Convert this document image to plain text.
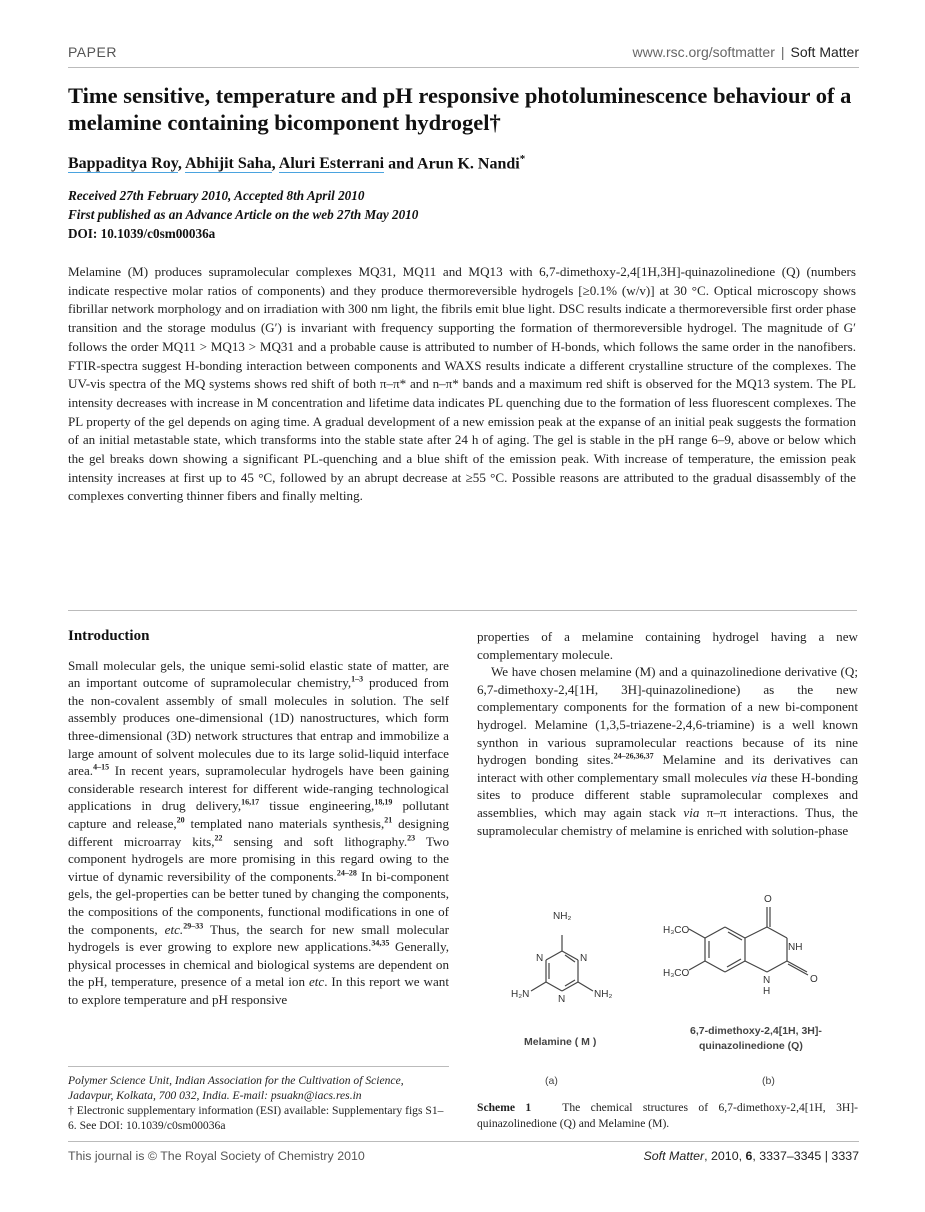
PAPER	www.rsc.org/softmatter | Soft Matter
Time sensitive, temperature and pH responsive photoluminescence behaviour of a melamine containing bicomponent hydrogel†
Bappaditya Roy, Abhijit Saha, Aluri Esterrani and Arun K. Nandi*
Received 27th February 2010, Accepted 8th April 2010
First published as an Advance Article on the web 27th May 2010
DOI: 10.1039/c0sm00036a
Melamine (M) produces supramolecular complexes MQ31, MQ11 and MQ13 with 6,7-dimethoxy-2,4[1H,3H]-quinazolinedione (Q) (numbers indicate respective molar ratios of components) and they produce thermoreversible hydrogels [≥0.1% (w/v)] at 30 °C. Optical microscopy shows fibrillar network morphology and on irradiation with 300 nm light, the fibrils emit blue light. DSC results indicate a thermoreversible first order phase transition and the storage modulus (G′) is invariant with frequency supporting the formation of thermoreversible hydrogel. The magnitude of G′ follows the order MQ11 > MQ13 > MQ31 and a probable cause is attributed to number of H-bonds, which follows the same order in the nanofibers. FTIR-spectra suggest H-bonding interaction between components and WAXS results indicate a different crystalline structure of the complexes. The UV-vis spectra of the MQ systems shows red shift of both π–π* and n–π* bands and a maximum red shift is observed for the MQ13 system. The PL intensity decreases with increase in M concentration and lifetime data indicates PL quenching due to the formation of less fluorescent complexes. The PL property of the gel depends on aging time. A gradual development of a new emission peak at the expanse of an initial peak suggests the formation of an initial metastable state, which transforms into the stable state after 24 h of aging. The gel is stable in the pH range 6–9, above or below which the gel breaks down showing a significant PL-quenching and a blue shift of the emission peak. With increase of temperature, the emission peak intensity increases at first up to 45 °C, followed by an abrupt decrease at ≥55 °C. Possible reasons are attributed to the gradual disassembly of the complexes converting thinner fibers and finally melting.
Introduction

Small molecular gels, the unique semi-solid elastic state of matter, are an important outcome of supramolecular chemistry,$^{1-3}$ produced from the non-covalent assembly of small molecules in solution. The self assembly produces one-dimensional (1D) nanostructures, which form three-dimensional (3D) network structures that entrap and immobilize a large amount of solvent molecules due to its large solid-liquid interface area.$^{4-15}$ In recent years, supramolecular hydrogels have been gaining considerable research interest for different wide-ranging technological applications in drug delivery,$^{16,17}$ tissue engineering,$^{18,19}$ pollutant capture and release,$^{20}$ templated nano materials synthesis,$^{21}$ designing different microarray kits,$^{22}$ sensing and soft lithography.$^{23}$ Two component hydrogels are more promising in this regard owing to the virtue of dynamic reversibility of the components.$^{24-28}$ In bi-component gels, the gel-properties can be better tuned by changing the components, the compositions of the components, functional modifications in one of the components, etc.$^{29-33}$ Thus, the search for new small molecular hydrogels is ever growing to explore new applications.$^{34,35}$ Generally, physical processes in chemical and biological systems are dependent on the pH, temperature, presence of a metal ion etc. In this report we want to explore temperature and pH responsive

properties of a melamine containing hydrogel having a new complementary molecule.

We have chosen melamine (M) and a quinazolinedione derivative (Q; 6,7-dimethoxy-2,4[1H, 3H]-quinazolinedione) as the new complementary components for the formation of a new bi-component hydrogel. Melamine (1,3,5-triazene-2,4,6-triamine) is a well known synthon in various supramolecular reactions because of its nine hydrogen bonding sites.$^{24-26,36,37}$ Melamine and its derivatives can interact with other complementary small molecules via these H-bonding sites to produce different stable supramolecular complexes and assemblies, which may again stack via π–π interactions. Thus, the supramolecular chemistry of melamine is enriched with solution-phase

NH₂
N
N
N	NH₂
H₂N
Melamine ( M )
(a)
O
NH
N
H
O
H₃CO
H₃CO
6,7-dimethoxy-2,4[1H, 3H]-
quinazolinedione (Q)
(b)
Scheme 1	The chemical structures of 6,7-dimethoxy-2,4[1H, 3H]-quinazolinedione (Q) and Melamine (M).
Polymer Science Unit, Indian Association for the Cultivation of Science, Jadavpur, Kolkata, 700 032, India. E-mail: psuakn@iacs.res.in
† Electronic supplementary information (ESI) available: Supplementary figs S1–6. See DOI: 10.1039/c0sm00036a
This journal is © The Royal Society of Chemistry 2010	Soft Matter, 2010, 6, 3337–3345 | 3337
